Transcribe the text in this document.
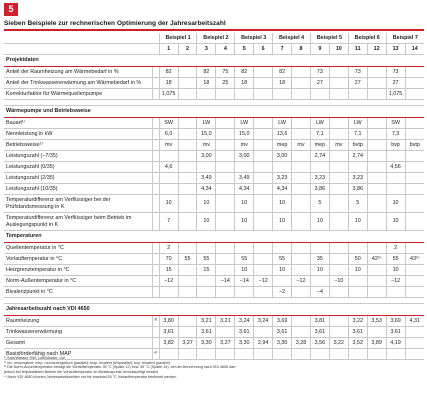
5
Sieben Beispiele zur rechnerischen Optimierung der Jahresarbeitszahl
		Beispiel 1		Beispiel 2		Beispiel 3		Beispiel 4		Beispiel 5		Beispiel 6		Beispiel 7	
		1	2	3	4	5	6	7	8	9	10	11	12	13	14
Projektdaten															
Anteil der Raumheizung am Wärmebedarf in %		82		82	75	82		82		73		73		73	
Anteil der Trinkwassererwärmung am Wärmebedarf in %		18		18	25	18		18		27		27		27	
Korrekturfaktor für Wärmequellenpumpe		1,075												1,075	

Wärmepumpe und Betriebsweise															
Bauart¹⁾		SW		LW		LW		LW		LW		LW		SW	
Nennleistung in kW		6,0		15,0		15,0		13,6		7,1		7,1		7,3	
Betriebsweise²⁾		mv		mv		mv		mep	mv	mep	mv	bvtp		bvp	bvtp
Leistungszahl (−7/35)				3,00		3,00		3,00		2,74		2,74			
Leistungszahl (0/35)		4,6												4,56	
Leistungszahl (2/35)				3,49		3,49		3,23		3,23		3,23			
Leistungszahl (10/35)				4,34		4,34		4,34		3,86		3,86			
Temperaturdifferenz am Verflüssiger bei der Prüfstandsmessung in K		10		10		10		10		5		5		10	
Temperaturdifferenz am Verflüssiger beim Betrieb im Auslegungspunkt in K		7		10		10		10		10		10		10	
Temperaturen															
Quellentemperatur in °C		2												2	
Vorlauftemperatur in °C		70	55	55		55		55		35		50	42⁵⁾	55	43⁵⁾
Heizgrenztemperatur in °C		15		15		10		10		10		10		10	
Norm-Außentemperatur in °C		−12			−14	−14	−12		−12		−10			−12	
Bivalenzpunkt in °C								−2		−4					

Jahresarbeitszahl nach VDI 4650															
Raumheizung	³⁾	3,80		3,21	3,21	3,24	3,24	3,69		3,81		3,22	3,53	3,69	4,31
Trinkwassererwärmung		3,61		3,61		3,61		3,61		3,61		3,61		3,61	
Gesamt		3,82	3,27	3,30	3,27	3,30	2,94	3,30	3,28	3,56	3,22	3,52	3,89	4,19	
Basisförderfähig nach MAP	⁴⁾														
¹⁾ Sole/Wasser: SW; Luft/Wasser: LW
²⁾ mv: monovalent; mep: monoenergetisch (parallel); bvtp: bivalent (teilparallel); bvp: bivalent (parallel).
³⁾ Die Norm-Außentemperatur beträgt die Vorlauftemperatur 35 °C (Spalte 12) bzw. 55 °C (Spalte 14), bei der Berechnung nach VDI 4650 darf
jedoch bei teilparallelem Betrieb die Vorlauftemperatur im Bivalenzpunkt berücksichtigt werden.
⁴⁾ Nach VDI 4650 können Jahresarbeitszahlen nur bis maximal 55 °C Vorlauftemperatur bestimmt werden.
